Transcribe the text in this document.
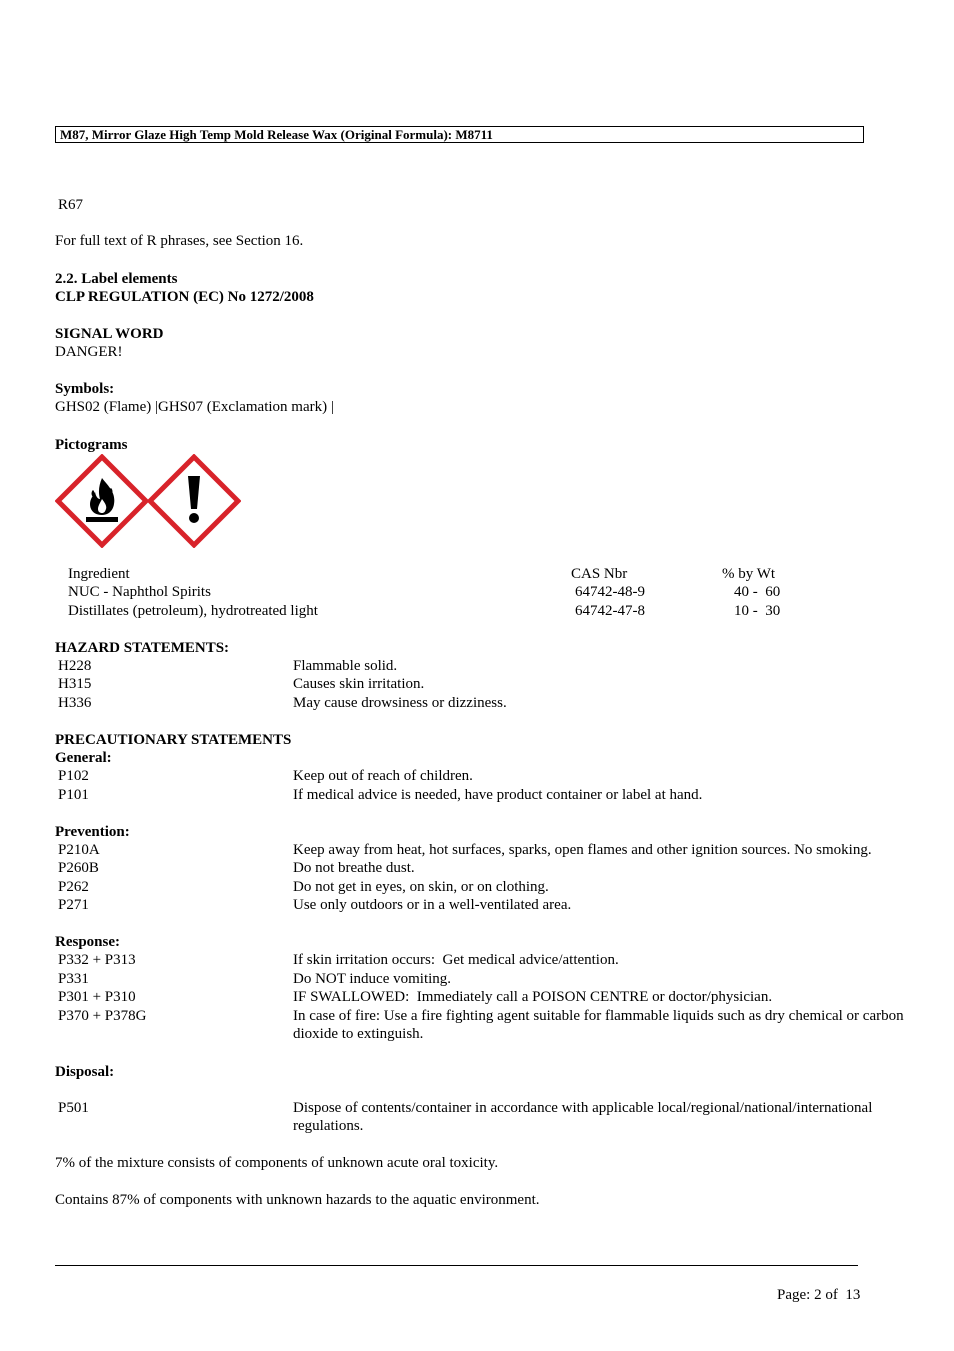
M87, Mirror Glaze High Temp Mold Release Wax (Original Formula): M8711
R67
For full text of R phrases, see Section 16.
2.2. Label elements
CLP REGULATION (EC) No 1272/2008
SIGNAL WORD
DANGER!
Symbols:
GHS02 (Flame) |GHS07 (Exclamation mark) |
Pictograms
Ingredient	CAS Nbr	% by Wt
NUC - Naphthol Spirits	64742-48-9	40 -  60
Distillates (petroleum), hydrotreated light	64742-47-8	10 -  30
HAZARD STATEMENTS:
H228	Flammable solid.
H315	Causes skin irritation.
H336	May cause drowsiness or dizziness.
PRECAUTIONARY STATEMENTS
General:
P102	Keep out of reach of children.
P101	If medical advice is needed, have product container or label at hand.
Prevention:
P210A	Keep away from heat, hot surfaces, sparks, open flames and other ignition sources. No smoking.
P260B	Do not breathe dust.
P262	Do not get in eyes, on skin, or on clothing.
P271	Use only outdoors or in a well-ventilated area.
Response:
P332 + P313	If skin irritation occurs:  Get medical advice/attention.
P331	Do NOT induce vomiting.
P301 + P310	IF SWALLOWED:  Immediately call a POISON CENTRE or doctor/physician.
P370 + P378G	In case of fire: Use a fire fighting agent suitable for flammable liquids such as dry chemical or carbon dioxide to extinguish.
Disposal:
P501	Dispose of contents/container in accordance with applicable local/regional/national/international regulations.
7% of the mixture consists of components of unknown acute oral toxicity.
Contains 87% of components with unknown hazards to the aquatic environment.
Page: 2 of  13
